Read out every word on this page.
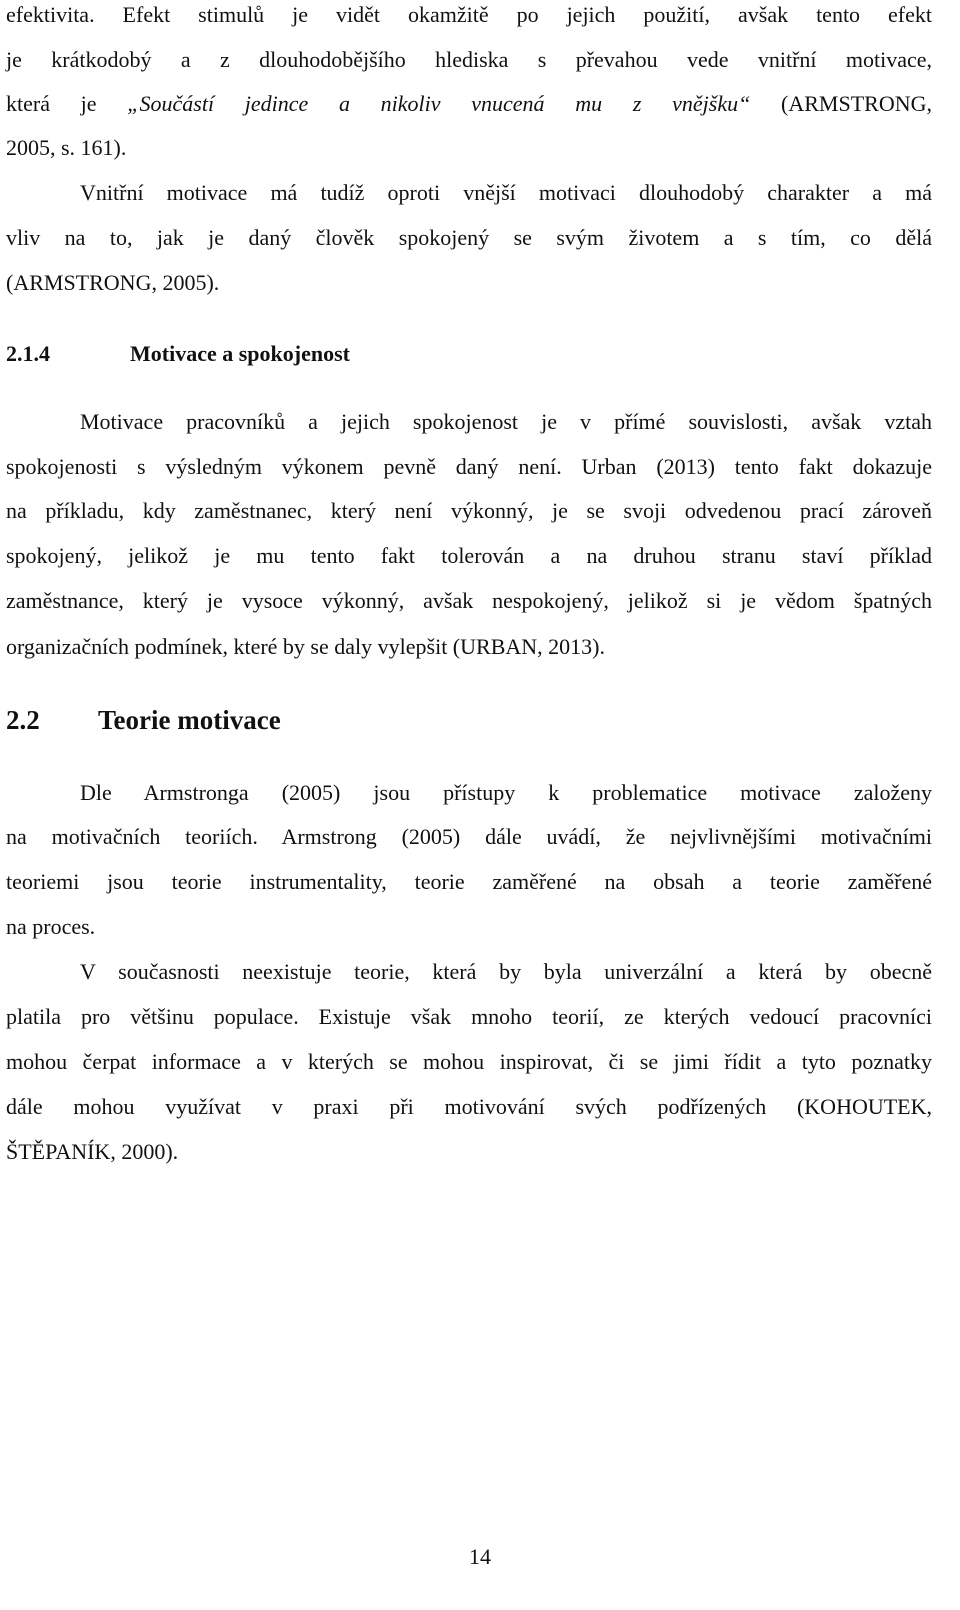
efektivita. Efekt stimulů je vidět okamžitě po jejich použití, avšak tento efekt
je krátkodobý a z dlouhodobějšího hlediska s převahou vede vnitřní motivace,
která je „Součástí jedince a nikoliv vnucená mu z vnějšku“ (ARMSTRONG,
2005, s. 161).
Vnitřní motivace má tudíž oproti vnější motivaci dlouhodobý charakter a má
vliv na to, jak je daný člověk spokojený se svým životem a s tím, co dělá
(ARMSTRONG, 2005).
2.1.4	Motivace a spokojenost
Motivace pracovníků a jejich spokojenost je v přímé souvislosti, avšak vztah
spokojenosti s výsledným výkonem pevně daný není. Urban (2013) tento fakt dokazuje
na příkladu, kdy zaměstnanec, který není výkonný, je se svoji odvedenou prací zároveň
spokojený, jelikož je mu tento fakt tolerován a na druhou stranu staví příklad
zaměstnance, který je vysoce výkonný, avšak nespokojený, jelikož si je vědom špatných
organizačních podmínek, které by se daly vylepšit (URBAN, 2013).
2.2 Teorie motivace
Dle Armstronga (2005) jsou přístupy k problematice motivace založeny
na motivačních teoriích. Armstrong (2005) dále uvádí, že nejvlivnějšími motivačními
teoriemi jsou teorie instrumentality, teorie zaměřené na obsah a teorie zaměřené
na proces.
V současnosti neexistuje teorie, která by byla univerzální a která by obecně
platila pro většinu populace. Existuje však mnoho teorií, ze kterých vedoucí pracovníci
mohou čerpat informace a v kterých se mohou inspirovat, či se jimi řídit a tyto poznatky
dále mohou využívat v praxi při motivování svých podřízených (KOHOUTEK,
ŠTĚPANÍK, 2000).
14
